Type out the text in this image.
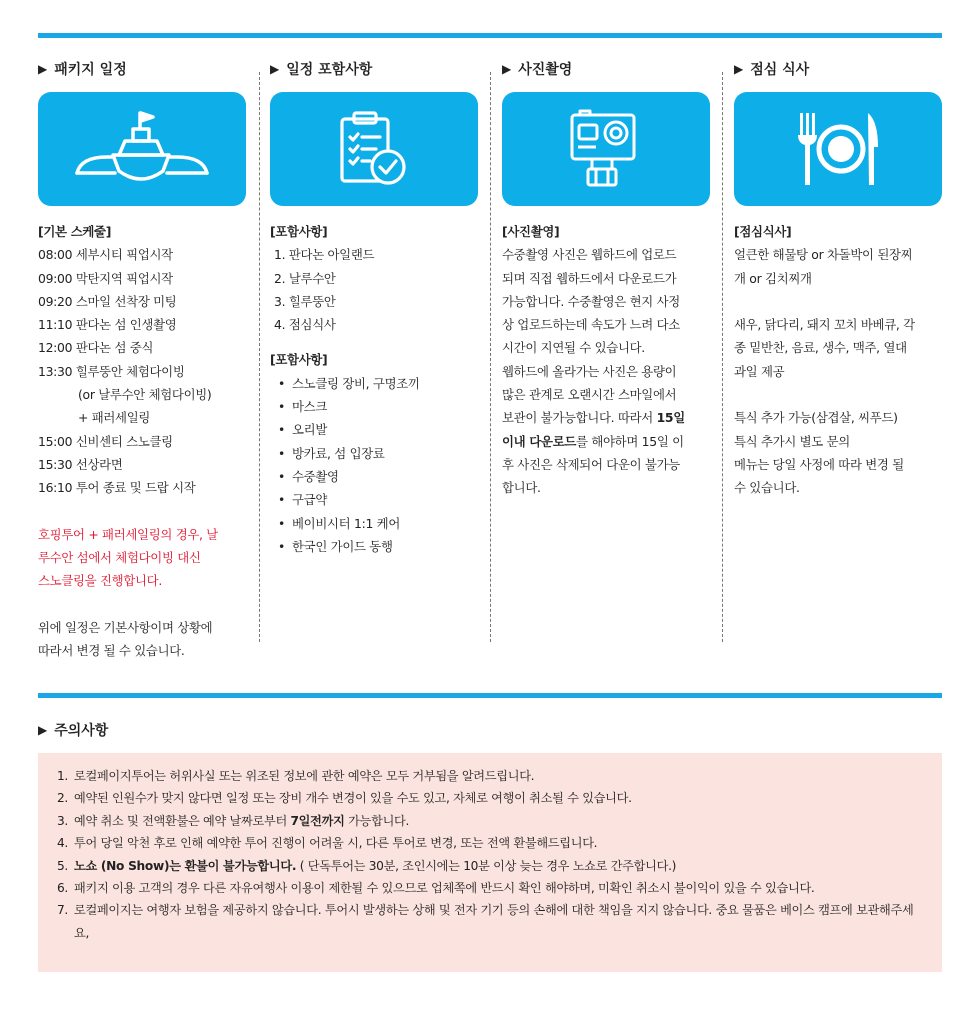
▶ 패키지 일정
[기본 스케줄]
08:00 세부시티 픽업시작
09:00 막탄지역 픽업시작
09:20 스마일 선착장 미팅
11:10 판다논 섬 인생촬영
12:00 판다논 섬 중식
13:30 힐루뚱안 체험다이빙
(or 날루수안 체험다이빙)
+ 패러세일링
15:00 신비센티 스노클링
15:30 선상라면
16:10 투어 종료 및 드랍 시작
호핑투어 + 패러세일링의 경우, 날
루수안 섬에서 체험다이빙 대신
스노클링을 진행합니다.
위에 일정은 기본사항이며 상황에
따라서 변경 될 수 있습니다.
▶ 일정 포함사항
[포함사항]
1. 판다논 아일랜드
2. 날루수안
3. 힐루뚱안
4. 점심식사
[포함사항]
• 스노클링 장비, 구명조끼
• 마스크
• 오리발
• 방카료, 섬 입장료
• 수중촬영
• 구급약
• 베이비시터 1:1 케어
• 한국인 가이드 동행
▶ 사진촬영
[사진촬영]
수중촬영 사진은 웹하드에 업로드
되며 직접 웹하드에서 다운로드가
가능합니다. 수중촬영은 현지 사정
상 업로드하는데 속도가 느려 다소
시간이 지연될 수 있습니다.
웹하드에 올라가는 사진은 용량이
많은 관계로 오랜시간 스마일에서
보관이 불가능합니다. 따라서 15일
이내 다운로드를 해야하며 15일 이
후 사진은 삭제되어 다운이 불가능
합니다.
▶ 점심 식사
[점심식사]
얼큰한 해물탕 or 차돌박이 된장찌
개 or 김치찌개
새우, 닭다리, 돼지 꼬치 바베큐, 각
종 밑반찬, 음료, 생수, 맥주, 열대
과일 제공
특식 추가 가능(삼겹살, 씨푸드)
특식 추가시 별도 문의
메뉴는 당일 사정에 따라 변경 될
수 있습니다.
▶ 주의사항
1. 로컬페이지투어는 허위사실 또는 위조된 정보에 관한 예약은 모두 거부됨을 알려드립니다.
2. 예약된 인원수가 맞지 않다면 일정 또는 장비 개수 변경이 있을 수도 있고, 자체로 여행이 취소될 수 있습니다.
3. 예약 취소 및 전액환불은 예약 날짜로부터 7일전까지 가능합니다.
4. 투어 당일 악천 후로 인해 예약한 투어 진행이 어려울 시, 다른 투어로 변경, 또는 전액 환불해드립니다.
5. 노쇼 (No Show)는 환불이 불가능합니다. ( 단독투어는 30분, 조인시에는 10분 이상 늦는 경우 노쇼로 간주합니다.)
6. 패키지 이용 고객의 경우 다른 자유여행사 이용이 제한될 수 있으므로 업체쪽에 반드시 확인 해야하며, 미확인 취소시 불이익이 있을 수 있습니다.
7. 로컬페이지는 여행자 보험을 제공하지 않습니다. 투어시 발생하는 상해 및 전자 기기 등의 손해에 대한 책임을 지지 않습니다. 중요 물품은 베이스 캠프에 보관해주세요,
